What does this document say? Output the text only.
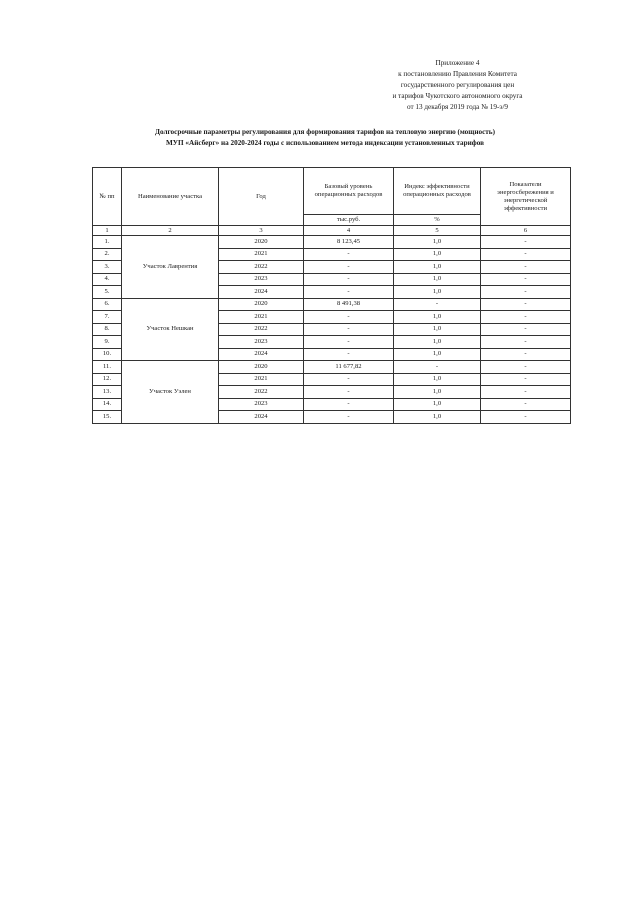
Приложение 4
к постановлению Правления Комитета
государственного регулирования цен
и тарифов Чукотского автономного округа
от 13 декабря 2019 года № 19-э/9
Долгосрочные параметры регулирования для формирования тарифов на тепловую энергию (мощность)
МУП «Айсберг» на 2020-2024 годы с использованием метода индексации установленных тарифов
№ пп	Наименование участка	Год	Базовый уровень операционных расходов	Индекс эффективности операционных расходов	Показатели энергосбережения и энергетической эффективности
			тыс.руб.	%	
1	2	3	4	5	6
1.	Участок Лаврентия	2020	8 123,45	1,0	-
2.		2021	-	1,0	-
3.		2022	-	1,0	-
4.		2023	-	1,0	-
5.		2024	-	1,0	-
6.	Участок Нешкан	2020	8 491,38	-	-
7.		2021	-	1,0	-
8.		2022	-	1,0	-
9.		2023	-	1,0	-
10.		2024	-	1,0	-
11.	Участок Уэлен	2020	11 677,82	-	-
12.		2021	-	1,0	-
13.		2022	-	1,0	-
14.		2023	-	1,0	-
15.		2024	-	1,0	-
